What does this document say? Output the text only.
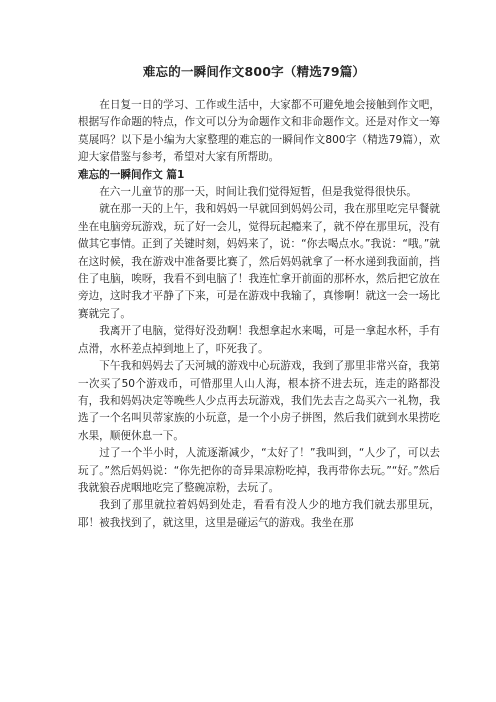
难忘的一瞬间作文800字（精选79篇）

在日复一日的学习、工作或生活中，大家都不可避免地会接触到作文吧，根据写作命题的特点，作文可以分为命题作文和非命题作文。还是对作文一筹莫展吗？以下是小编为大家整理的难忘的一瞬间作文800字（精选79篇），欢迎大家借鉴与参考，希望对大家有所帮助。

难忘的一瞬间作文 篇1

在六一儿童节的那一天，时间让我们觉得短暂，但是我觉得很快乐。

就在那一天的上午，我和妈妈一早就回到妈妈公司，我在那里吃完早餐就坐在电脑旁玩游戏，玩了好一会儿，觉得玩起瘾来了，就不停在那里玩，没有做其它事情。正到了关键时刻，妈妈来了，说：“你去喝点水。”我说：“哦。”就在这时候，我在游戏中准备要比赛了，然后妈妈就拿了一杯水递到我面前，挡住了电脑，唉呀，我看不到电脑了！我连忙拿开前面的那杯水，然后把它放在旁边，这时我才平静了下来，可是在游戏中我输了，真惨啊！就这一会一场比赛就完了。

我离开了电脑，觉得好没劲啊！我想拿起水来喝，可是一拿起水杯，手有点滑，水杯差点掉到地上了，吓死我了。

下午我和妈妈去了天河城的游戏中心玩游戏，我到了那里非常兴奋，我第一次买了50个游戏币，可惜那里人山人海，根本挤不进去玩，连走的路都没有，我和妈妈决定等晚些人少点再去玩游戏，我们先去吉之岛买六一礼物，我选了一个名叫贝蒂家族的小玩意，是一个小房子拼图，然后我们就到水果捞吃水果，顺便休息一下。

过了一个半小时，人流逐渐减少，“太好了！”我叫到，“人少了，可以去玩了。”然后妈妈说：“你先把你的奇异果凉粉吃掉，我再带你去玩。”“好。”然后我就狼吞虎咽地吃完了整碗凉粉，去玩了。

我到了那里就拉着妈妈到处走，看看有没人少的地方我们就去那里玩，耶！被我找到了，就这里，这里是碰运气的游戏。我坐在那
